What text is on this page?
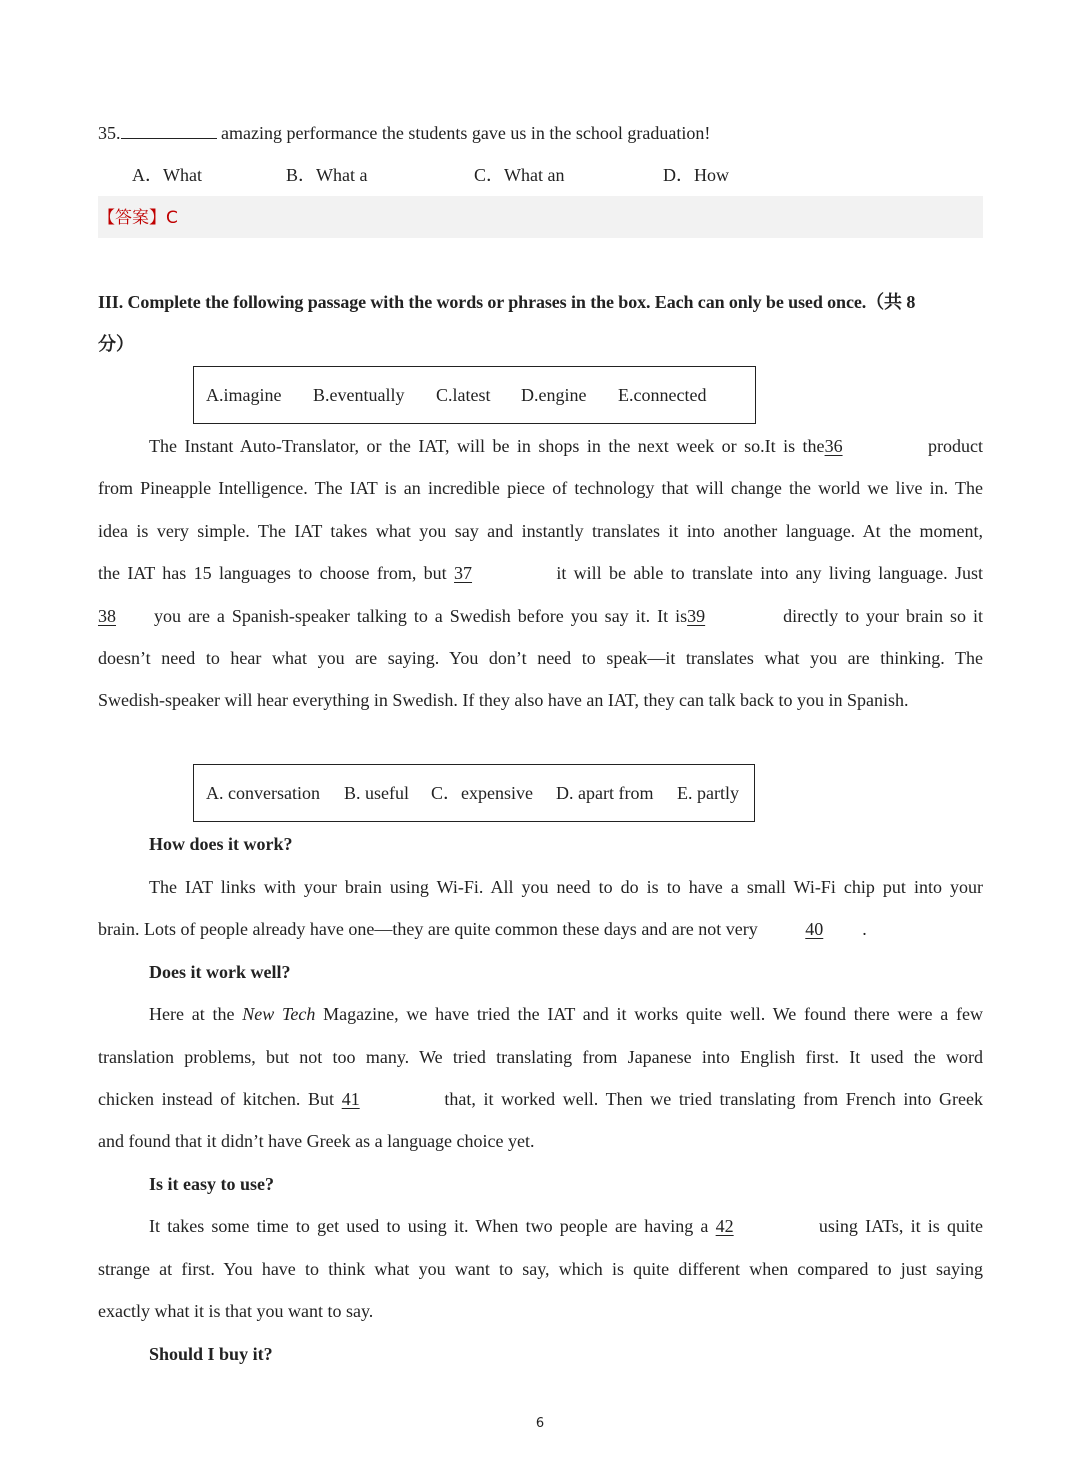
35.	amazing performance the students gave us in the school graduation!
A．What	B．What a	C．What an	D．How
【答案】C
III. Complete the following passage with the words or phrases in the box. Each can only be used once.（共 8
分）
A.imagine B.eventually C.latest D.engine E.connected
The Instant Auto-Translator, or the IAT, will be in shops in the next week or so.It is the36	product
from Pineapple Intelligence. The IAT is an incredible piece of technology that will change the world we live in. The
idea is very simple. The IAT takes what you say and instantly translates it into another language. At the moment,
the IAT has 15 languages to choose from, but 37	it will be able to translate into any living language. Just
38 you are a Spanish-speaker talking to a Swedish before you say it. It is39	directly to your brain so it
doesn’t need to hear what you are saying. You don’t need to speak—it translates what you are thinking. The
Swedish-speaker will hear everything in Swedish. If they also have an IAT, they can talk back to you in Spanish.
A. conversation B. useful C．expensive D. apart from E. partly
How does it work?
The IAT links with your brain using Wi-Fi. All you need to do is to have a small Wi-Fi chip put into your
brain. Lots of people already have one—they are quite common these days and are not very	40 .
Does it work well?
Here at the New Tech Magazine, we have tried the IAT and it works quite well. We found there were a few
translation problems, but not too many. We tried translating from Japanese into English first. It used the word
chicken instead of kitchen. But 41	that, it worked well. Then we tried translating from French into Greek
and found that it didn’t have Greek as a language choice yet.
Is it easy to use?
It takes some time to get used to using it. When two people are having a 42	using IATs, it is quite
strange at first. You have to think what you want to say, which is quite different when compared to just saying
exactly what it is that you want to say.
Should I buy it?
6
